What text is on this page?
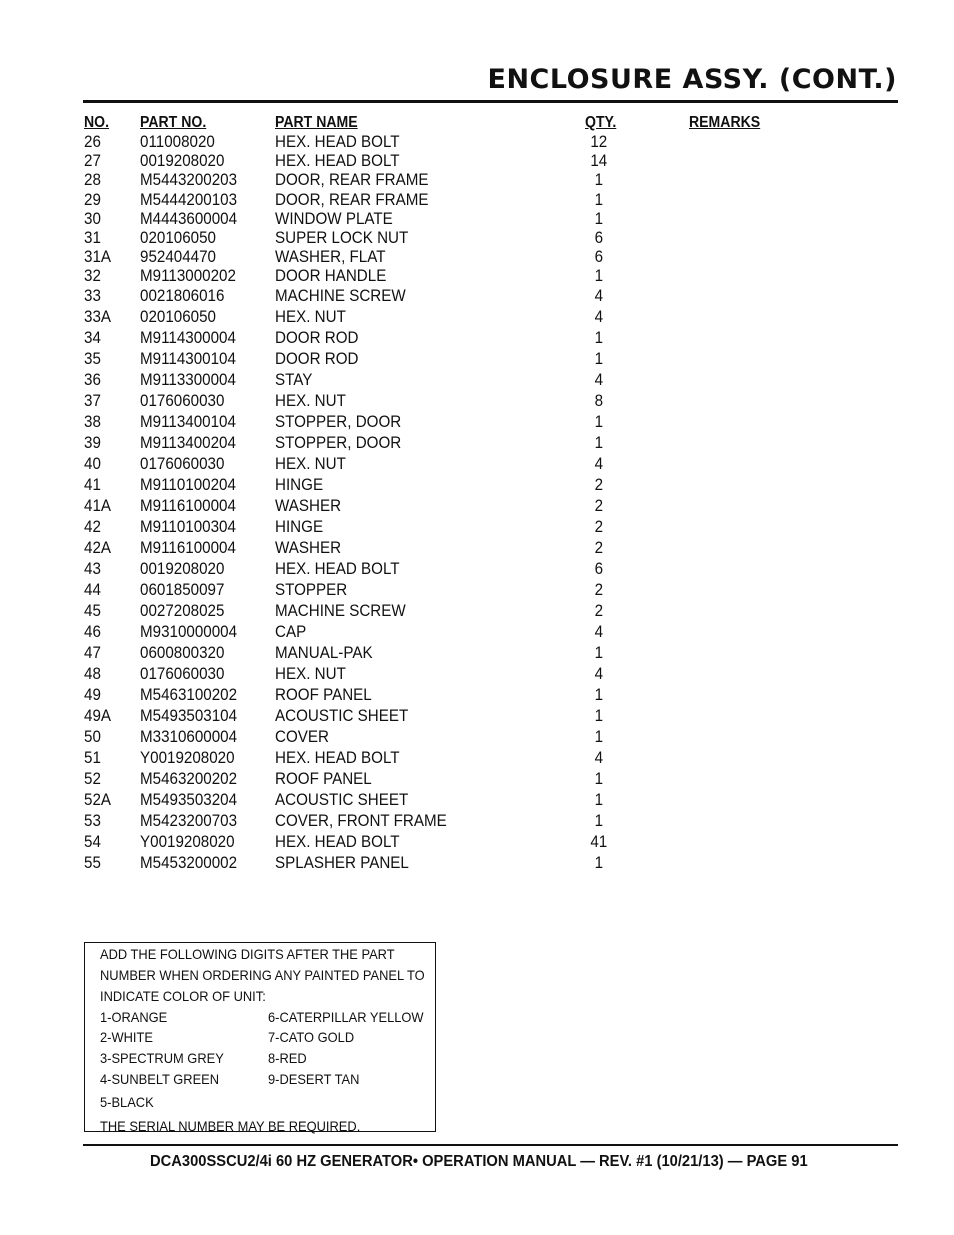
ENCLOSURE ASSY. (CONT.)
NO. PART NO.	PART NAME	QTY.	REMARKS
26 011008020	HEX. HEAD BOLT	12
27 0019208020	HEX. HEAD BOLT	14
28 M5443200203 DOOR, REAR FRAME	1
29 M5444200103 DOOR, REAR FRAME	1
30 M4443600004 WINDOW PLATE	1
31 020106050	SUPER LOCK NUT	6
31A 952404470	WASHER, FLAT	6
32 M9113000202 DOOR HANDLE	1
33 0021806016	MACHINE SCREW	4
33A 020106050	HEX. NUT	4
34 M9114300004 DOOR ROD	1
35 M9114300104 DOOR ROD	1
36 M9113300004 STAY	4
37 0176060030	HEX. NUT	8
38 M9113400104 STOPPER, DOOR	1
39 M9113400204 STOPPER, DOOR	1
40 0176060030	HEX. NUT	4
41 M9110100204 HINGE	2
41A M9116100004 WASHER	2
42 M9110100304 HINGE	2
42A M9116100004 WASHER	2
43 0019208020	HEX. HEAD BOLT	6
44 0601850097	STOPPER	2
45 0027208025	MACHINE SCREW	2
46 M9310000004 CAP	4
47 0600800320	MANUAL-PAK	1
48 0176060030	HEX. NUT	4
49 M5463100202 ROOF PANEL	1
49A M5493503104 ACOUSTIC SHEET	1
50 M3310600004 COVER	1
51 Y0019208020 HEX. HEAD BOLT	4
52 M5463200202 ROOF PANEL	1
52A M5493503204 ACOUSTIC SHEET	1
53 M5423200703 COVER, FRONT FRAME	1
54 Y0019208020 HEX. HEAD BOLT	41
55 M5453200002 SPLASHER PANEL	1
ADD THE FOLLOWING DIGITS AFTER THE PART
NUMBER WHEN ORDERING ANY PAINTED PANEL TO
INDICATE COLOR OF UNIT:
1-ORANGE	6-CATERPILLAR YELLOW
2-WHITE	7-CATO GOLD
3-SPECTRUM GREY	8-RED
4-SUNBELT GREEN	9-DESERT TAN
5-BLACK
THE SERIAL NUMBER MAY BE REQUIRED.
DCA300SSCU2/4i 60 HZ GENERATOR• OPERATION MANUAL — REV. #1 (10/21/13) — PAGE 91
